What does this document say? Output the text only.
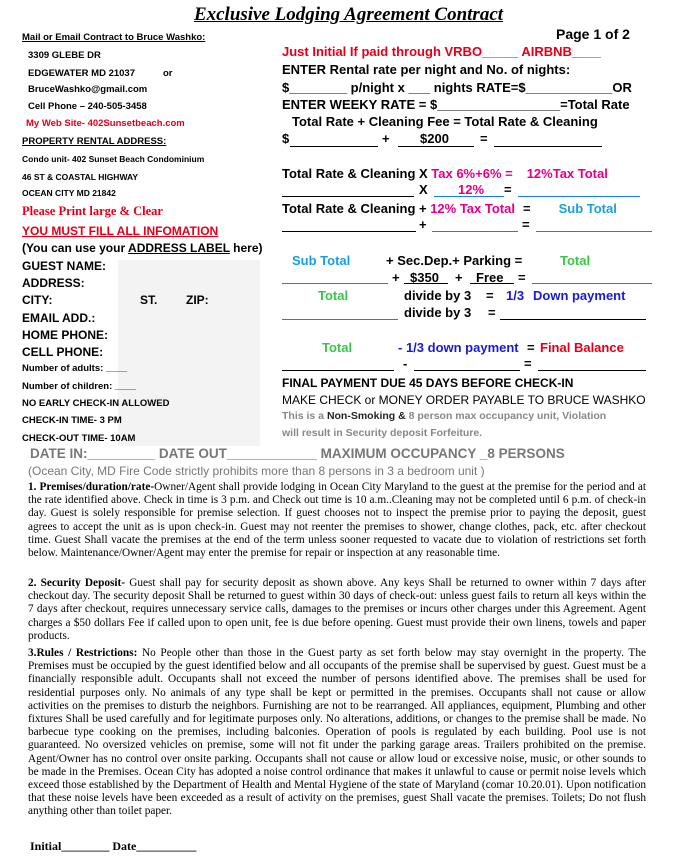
Exclusive Lodging Agreement Contract
Page 1 of 2
Mail or Email Contract to Bruce Washko:
3309 GLEBE DR
EDGEWATER MD 21037	or
BruceWashko@gmail.com
Cell Phone – 240-505-3458
My Web Site- 402Sunsetbeach.com
PROPERTY RENTAL ADDRESS:
Condo unit- 402 Sunset Beach Condominium
46 ST & COASTAL HIGHWAY
OCEAN CITY MD 21842
Please Print large & Clear
YOU MUST FILL ALL INFOMATION
(You can use your ADDRESS LABEL here)
GUEST NAME:
ADDRESS:
CITY:	ST. ZIP:
EMAIL ADD.:
HOME PHONE:
CELL PHONE:
Number of adults: ____
Number of children: ____
NO EARLY CHECK-IN ALLOWED
CHECK-IN TIME- 3 PM
CHECK-OUT TIME- 10AM
Just Initial If paid through VRBO_____ AIRBNB____
ENTER Rental rate per night and No. of nights:
$________ p/night x ___ nights RATE=$____________OR
ENTER WEEKY RATE = $_________________=Total Rate
Total Rate + Cleaning Fee = Total Rate & Cleaning
$	+ $200 =
Total Rate & Cleaning X Tax 6%+6% = 12%Tax Total
X 12% =
Total Rate & Cleaning + 12% Tax Total = Sub Total
+	=
Sub Total	+ Sec.Dep.+ Parking =	Total
+ $350 + Free =
Total	divide by 3 = 1/3 Down payment
divide by 3 =
Total	- 1/3 down payment = Final Balance
-	=
FINAL PAYMENT DUE 45 DAYS BEFORE CHECK-IN
MAKE CHECK or MONEY ORDER PAYABLE TO BRUCE WASHKO
This is a Non-Smoking & 8 person max occupancy unit, Violation
will result in Security deposit Forfeiture.
DATE IN:_________ DATE OUT____________ MAXIMUM OCCUPANCY _8 PERSONS
(Ocean City, MD Fire Code strictly prohibits more than 8 persons in 3 a bedroom unit )

1. Premises/duration/rate-Owner/Agent shall provide lodging in Ocean City Maryland to the guest at the premise for the period and at the rate identified above. Check in time is 3 p.m. and Check out time is 10 a.m..Cleaning may not be completed until 6 p.m. of check-in day. Guest is solely responsible for premise selection. If guest chooses not to inspect the premise prior to paying the deposit, guest agrees to accept the unit as is upon check-in. Guest may not reenter the premises to shower, change clothes, pack, etc. after checkout time. Guest Shall vacate the premises at the end of the term unless sooner requested to vacate due to violation of restrictions set forth below. Maintenance/Owner/Agent may enter the premise for repair or inspection at any reasonable time.

2. Security Deposit- Guest shall pay for security deposit as shown above. Any keys Shall be returned to owner within 7 days after checkout day. The security deposit Shall be returned to guest within 30 days of check-out: unless guest fails to return all keys within the 7 days after checkout, requires unnecessary service calls, damages to the premises or incurs other charges under this Agreement. Agent charges a $50 dollars Fee if called upon to open unit, fee is due before opening. Guest must provide their own linens, towels and paper products.

3.Rules / Restrictions: No People other than those in the Guest party as set forth below may stay overnight in the property. The Premises must be occupied by the guest identified below and all occupants of the premise shall be supervised by guest. Guest must be a financially responsible adult. Occupants shall not exceed the number of persons identified above. The premises shall be used for residential purposes only. No animals of any type shall be kept or permitted in the premises. Occupants shall not cause or allow activities on the premises to disturb the neighbors. Furnishing are not to be rearranged. All appliances, equipment, Plumbing and other fixtures Shall be used carefully and for legitimate purposes only. No alterations, additions, or changes to the premise shall be made. No barbecue type cooking on the premises, including balconies. Operation of pools is regulated by each building. Pool use is not guaranteed. No oversized vehicles on premise, some will not fit under the parking garage areas. Trailers prohibited on the premise. Agent/Owner has no control over onsite parking. Occupants shall not cause or allow loud or excessive noise, music, or other sounds to be made in the Premises. Ocean City has adopted a noise control ordinance that makes it unlawful to cause or permit noise levels which exceed those established by the Department of Health and Mental Hygiene of the state of Maryland (comar 10.20.01). Upon notification that these noise levels have been exceeded as a result of activity on the premises, guest Shall vacate the premises. Toilets; Do not flush anything other than toilet paper.

Initial________ Date__________
